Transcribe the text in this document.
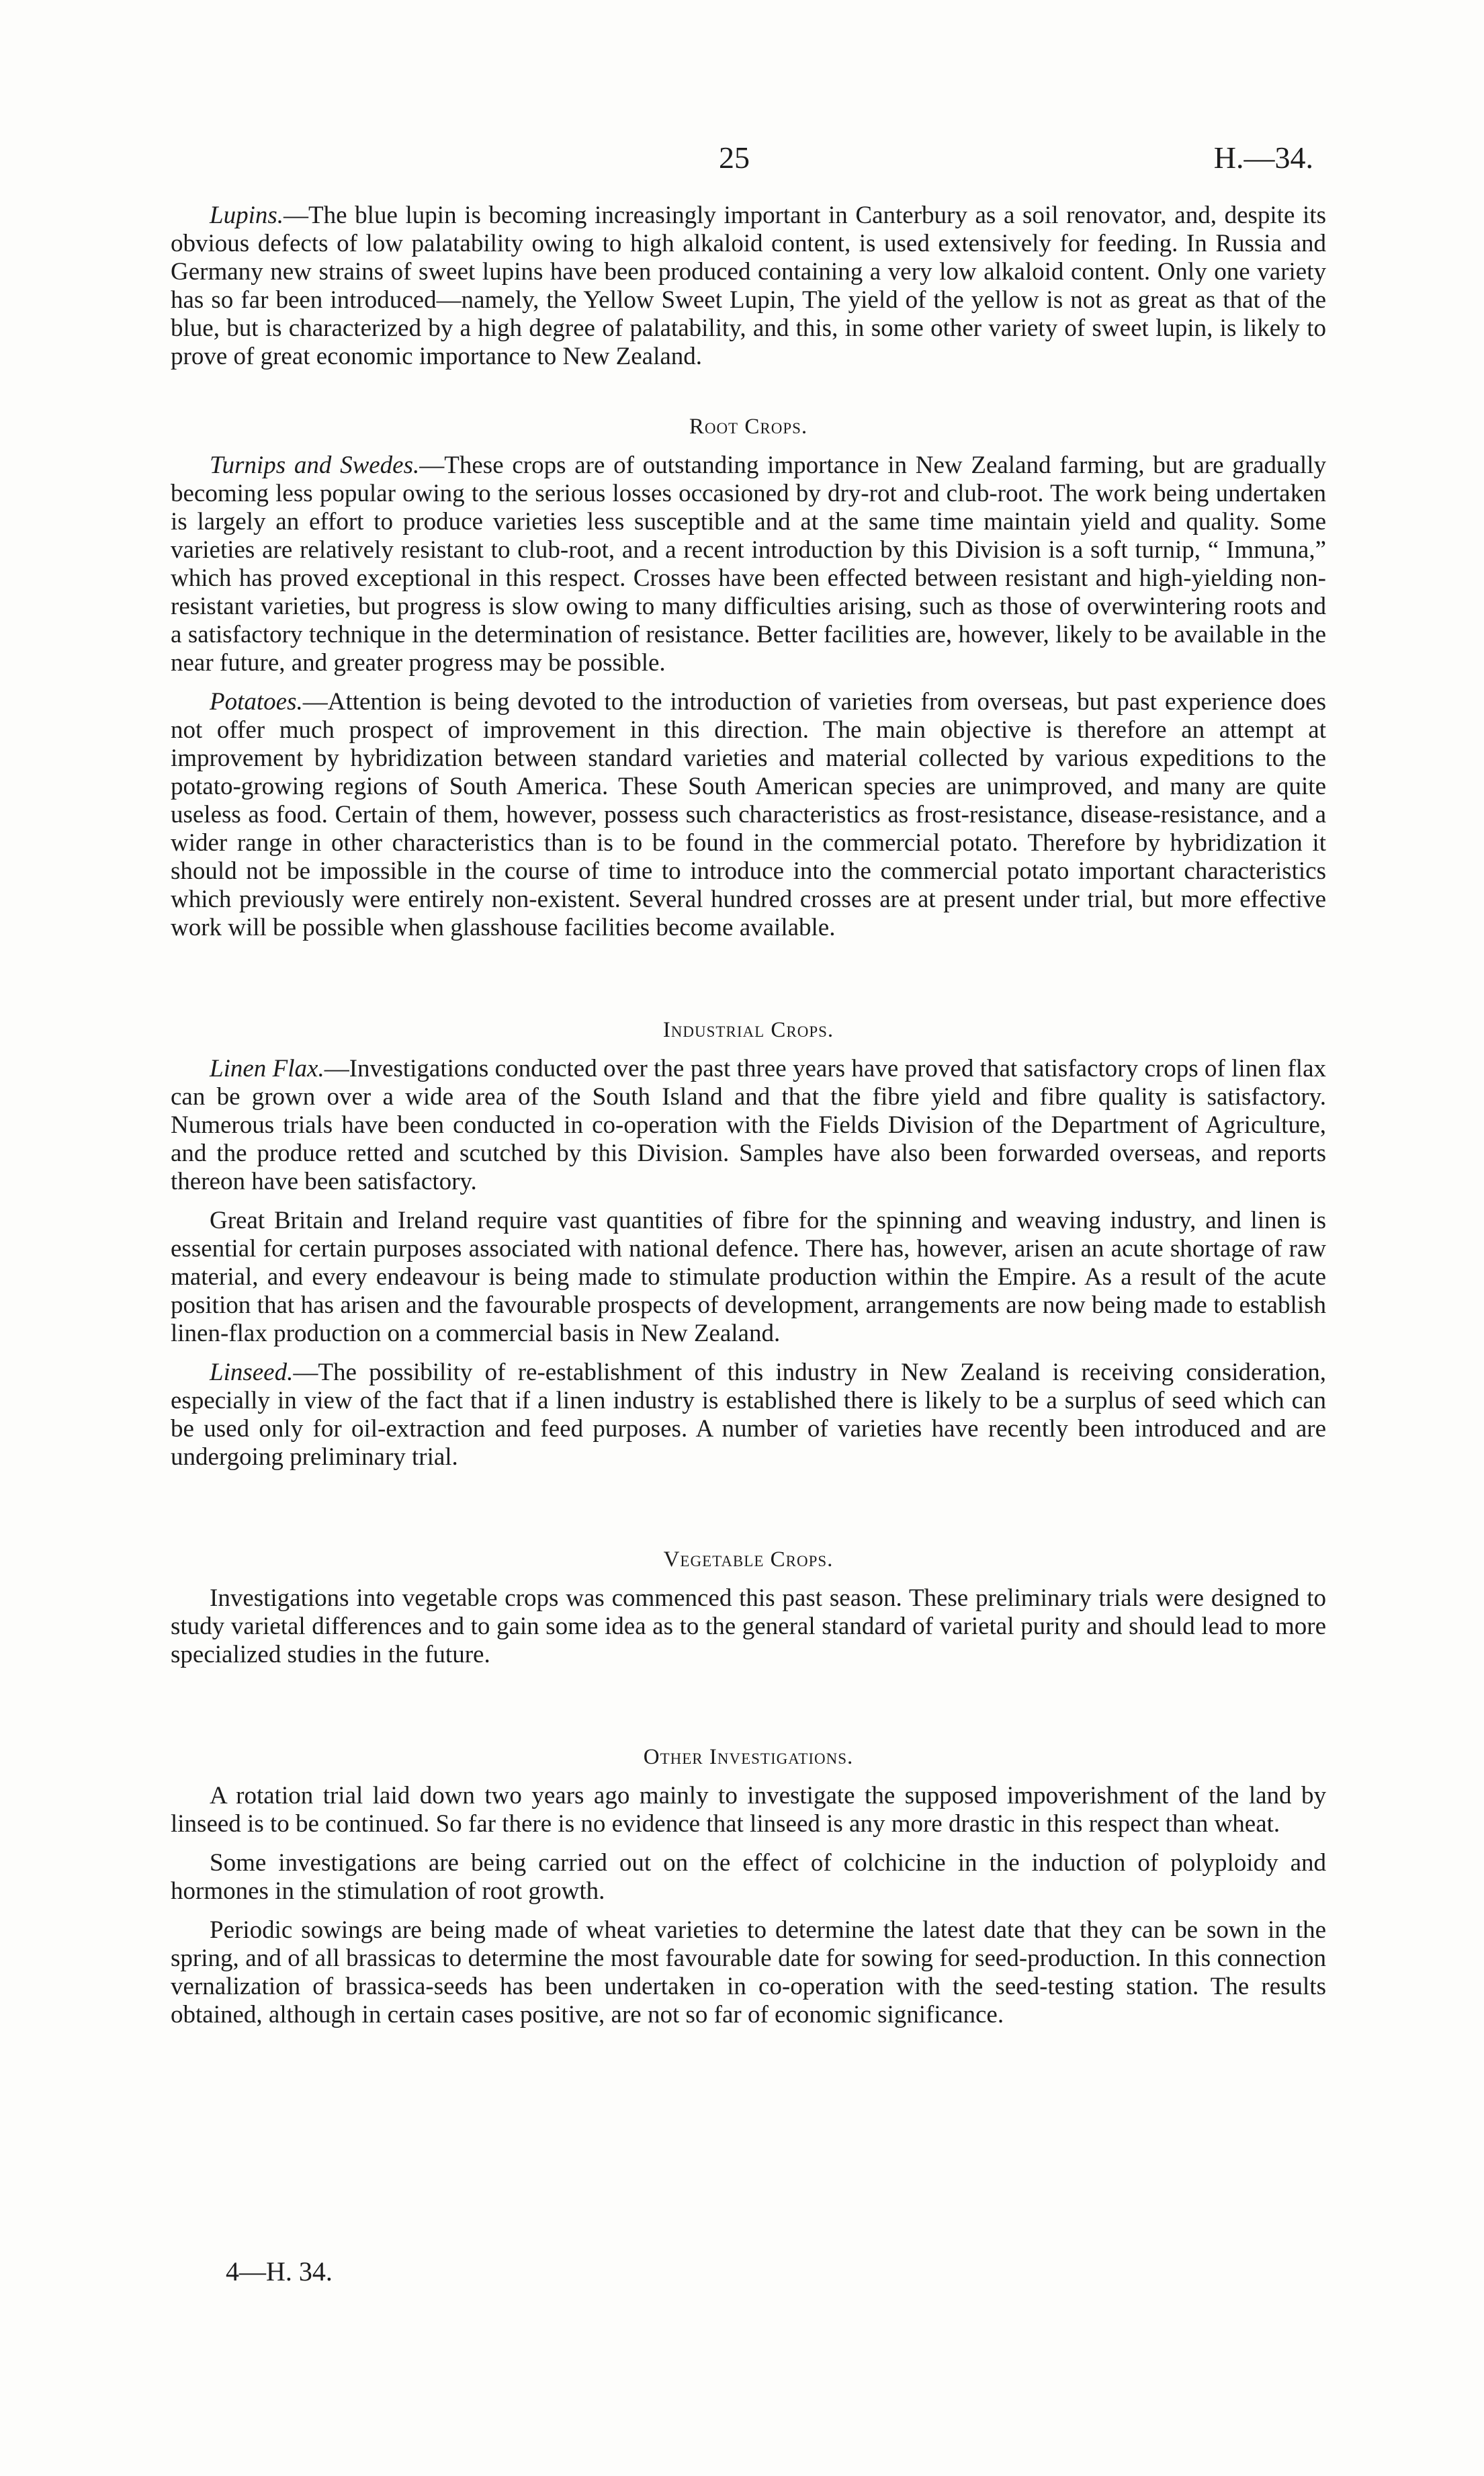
25	H.—34.

Lupins.—The blue lupin is becoming increasingly important in Canterbury as a soil renovator, and, despite its obvious defects of low palatability owing to high alkaloid content, is used extensively for feeding. In Russia and Germany new strains of sweet lupins have been produced containing a very low alkaloid content. Only one variety has so far been introduced—namely, the Yellow Sweet Lupin, The yield of the yellow is not as great as that of the blue, but is characterized by a high degree of palatability, and this, in some other variety of sweet lupin, is likely to prove of great economic importance to New Zealand.

Root Crops.

Turnips and Swedes.—These crops are of outstanding importance in New Zealand farming, but are gradually becoming less popular owing to the serious losses occasioned by dry-rot and club-root. The work being undertaken is largely an effort to produce varieties less susceptible and at the same time maintain yield and quality. Some varieties are relatively resistant to club-root, and a recent introduction by this Division is a soft turnip, “ Immuna,” which has proved exceptional in this respect. Crosses have been effected between resistant and high-yielding non-resistant varieties, but progress is slow owing to many difficulties arising, such as those of overwintering roots and a satisfactory technique in the determination of resistance. Better facilities are, however, likely to be available in the near future, and greater progress may be possible.

Potatoes.—Attention is being devoted to the introduction of varieties from overseas, but past experience does not offer much prospect of improvement in this direction. The main objective is therefore an attempt at improvement by hybridization between standard varieties and material collected by various expeditions to the potato-growing regions of South America. These South American species are unimproved, and many are quite useless as food. Certain of them, however, possess such characteristics as frost-resistance, disease-resistance, and a wider range in other characteristics than is to be found in the commercial potato. Therefore by hybridization it should not be impossible in the course of time to introduce into the commercial potato important characteristics which previously were entirely non-existent. Several hundred crosses are at present under trial, but more effective work will be possible when glasshouse facilities become available.

Industrial Crops.

Linen Flax.—Investigations conducted over the past three years have proved that satisfactory crops of linen flax can be grown over a wide area of the South Island and that the fibre yield and fibre quality is satisfactory. Numerous trials have been conducted in co-operation with the Fields Division of the Department of Agriculture, and the produce retted and scutched by this Division. Samples have also been forwarded overseas, and reports thereon have been satisfactory.

Great Britain and Ireland require vast quantities of fibre for the spinning and weaving industry, and linen is essential for certain purposes associated with national defence. There has, however, arisen an acute shortage of raw material, and every endeavour is being made to stimulate production within the Empire. As a result of the acute position that has arisen and the favourable prospects of development, arrangements are now being made to establish linen-flax production on a commercial basis in New Zealand.

Linseed.—The possibility of re-establishment of this industry in New Zealand is receiving consideration, especially in view of the fact that if a linen industry is established there is likely to be a surplus of seed which can be used only for oil-extraction and feed purposes. A number of varieties have recently been introduced and are undergoing preliminary trial.

Vegetable Crops.

Investigations into vegetable crops was commenced this past season. These preliminary trials were designed to study varietal differences and to gain some idea as to the general standard of varietal purity and should lead to more specialized studies in the future.

Other Investigations.

A rotation trial laid down two years ago mainly to investigate the supposed impoverishment of the land by linseed is to be continued. So far there is no evidence that linseed is any more drastic in this respect than wheat.

Some investigations are being carried out on the effect of colchicine in the induction of polyploidy and hormones in the stimulation of root growth.

Periodic sowings are being made of wheat varieties to determine the latest date that they can be sown in the spring, and of all brassicas to determine the most favourable date for sowing for seed-production. In this connection vernalization of brassica-seeds has been undertaken in co-operation with the seed-testing station. The results obtained, although in certain cases positive, are not so far of economic significance.

4—H. 34.
